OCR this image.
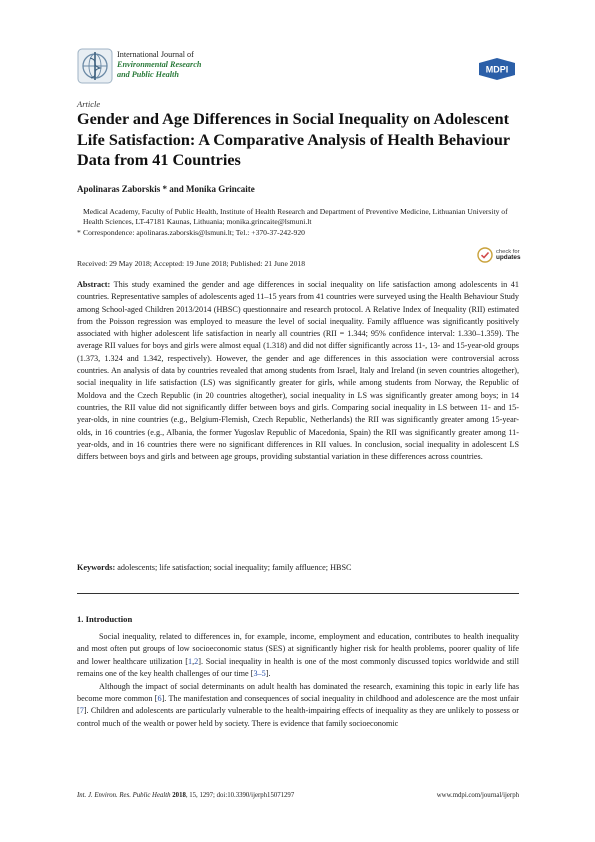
International Journal of
Environmental Research
and Public Health	MDPI
Article
Gender and Age Differences in Social Inequality on Adolescent Life Satisfaction: A Comparative Analysis of Health Behaviour Data from 41 Countries
Apolinaras Zaborskis * and Monika Grincaite
Medical Academy, Faculty of Public Health, Institute of Health Research and Department of Preventive Medicine, Lithuanian University of Health Sciences, LT-47181 Kaunas, Lithuania; monika.grincaite@lsmuni.lt
* Correspondence: apolinaras.zaborskis@lsmuni.lt; Tel.: +370-37-242-920
Received: 29 May 2018; Accepted: 19 June 2018; Published: 21 June 2018
check for
updates
Abstract: This study examined the gender and age differences in social inequality on life satisfaction among adolescents in 41 countries. Representative samples of adolescents aged 11–15 years from 41 countries were surveyed using the Health Behaviour Study among School-aged Children 2013/2014 (HBSC) questionnaire and research protocol. A Relative Index of Inequality (RII) estimated from the Poisson regression was employed to measure the level of social inequality. Family affluence was significantly positively associated with higher adolescent life satisfaction in nearly all countries (RII = 1.344; 95% confidence interval: 1.330–1.359). The average RII values for boys and girls were almost equal (1.318) and did not differ significantly across 11-, 13- and 15-year-old groups (1.373, 1.324 and 1.342, respectively). However, the gender and age differences in this association were controversial across countries. An analysis of data by countries revealed that among students from Israel, Italy and Ireland (in seven countries altogether), social inequality in life satisfaction (LS) was significantly greater for girls, while among students from Norway, the Republic of Moldova and the Czech Republic (in 20 countries altogether), social inequality in LS was significantly greater among boys; in 14 countries, the RII value did not significantly differ between boys and girls. Comparing social inequality in LS between 11- and 15-year-olds, in nine countries (e.g., Belgium-Flemish, Czech Republic, Netherlands) the RII was significantly greater among 15-year-olds, in 16 countries (e.g., Albania, the former Yugoslav Republic of Macedonia, Spain) the RII was significantly greater among 11-year-olds, and in 16 countries there were no significant differences in RII values. In conclusion, social inequality in adolescent LS differs between boys and girls and between age groups, providing substantial variation in these differences across countries.
Keywords: adolescents; life satisfaction; social inequality; family affluence; HBSC
1. Introduction

Social inequality, related to differences in, for example, income, employment and education, contributes to health inequality and most often put groups of low socioeconomic status (SES) at significantly higher risk for health problems, poorer quality of life and lower healthcare utilization [1,2]. Social inequality in health is one of the most commonly discussed topics worldwide and still remains one of the key health challenges of our time [3–5].

Although the impact of social determinants on adult health has dominated the research, examining this topic in early life has become more common [6]. The manifestation and consequences of social inequality in childhood and adolescence are the most unfair [7]. Children and adolescents are particularly vulnerable to the health-impairing effects of inequality as they are unlikely to possess or control much of the wealth or power held by society. There is evidence that family socioeconomic

Int. J. Environ. Res. Public Health 2018, 15, 1297; doi:10.3390/ijerph15071297	www.mdpi.com/journal/ijerph
